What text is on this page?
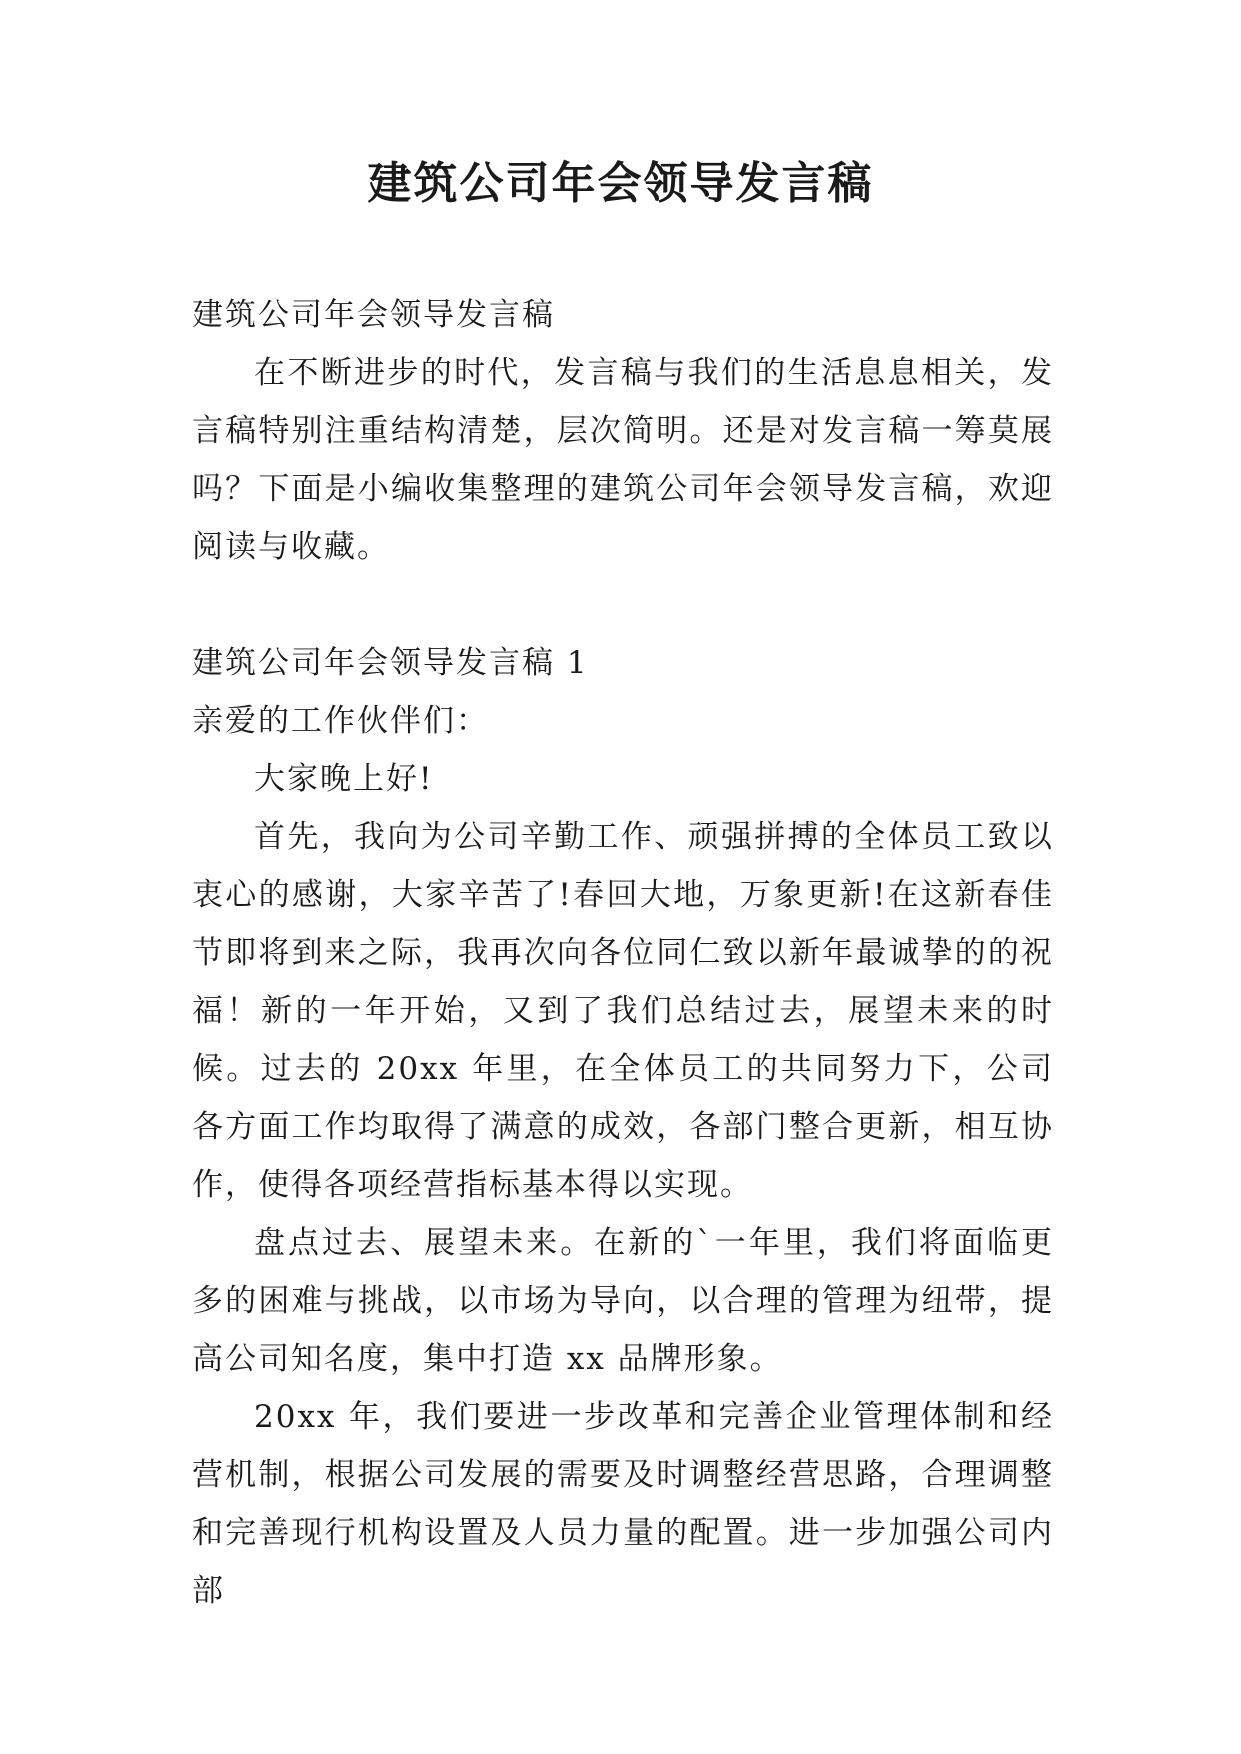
建筑公司年会领导发言稿
建筑公司年会领导发言稿

在不断进步的时代，发言稿与我们的生活息息相关，发言稿特别注重结构清楚，层次简明。还是对发言稿一筹莫展吗？下面是小编收集整理的建筑公司年会领导发言稿，欢迎阅读与收藏。

建筑公司年会领导发言稿 1
亲爱的工作伙伴们：

大家晚上好!

首先，我向为公司辛勤工作、顽强拼搏的全体员工致以衷心的感谢，大家辛苦了!春回大地，万象更新!在这新春佳节即将到来之际，我再次向各位同仁致以新年最诚挚的的祝福！新的一年开始，又到了我们总结过去，展望未来的时候。过去的 20xx 年里，在全体员工的共同努力下，公司各方面工作均取得了满意的成效，各部门整合更新，相互协作，使得各项经营指标基本得以实现。

盘点过去、展望未来。在新的`一年里，我们将面临更多的困难与挑战，以市场为导向，以合理的管理为纽带，提高公司知名度，集中打造 xx 品牌形象。

20xx 年，我们要进一步改革和完善企业管理体制和经营机制，根据公司发展的需要及时调整经营思路，合理调整和完善现行机构设置及人员力量的配置。进一步加强公司内部
